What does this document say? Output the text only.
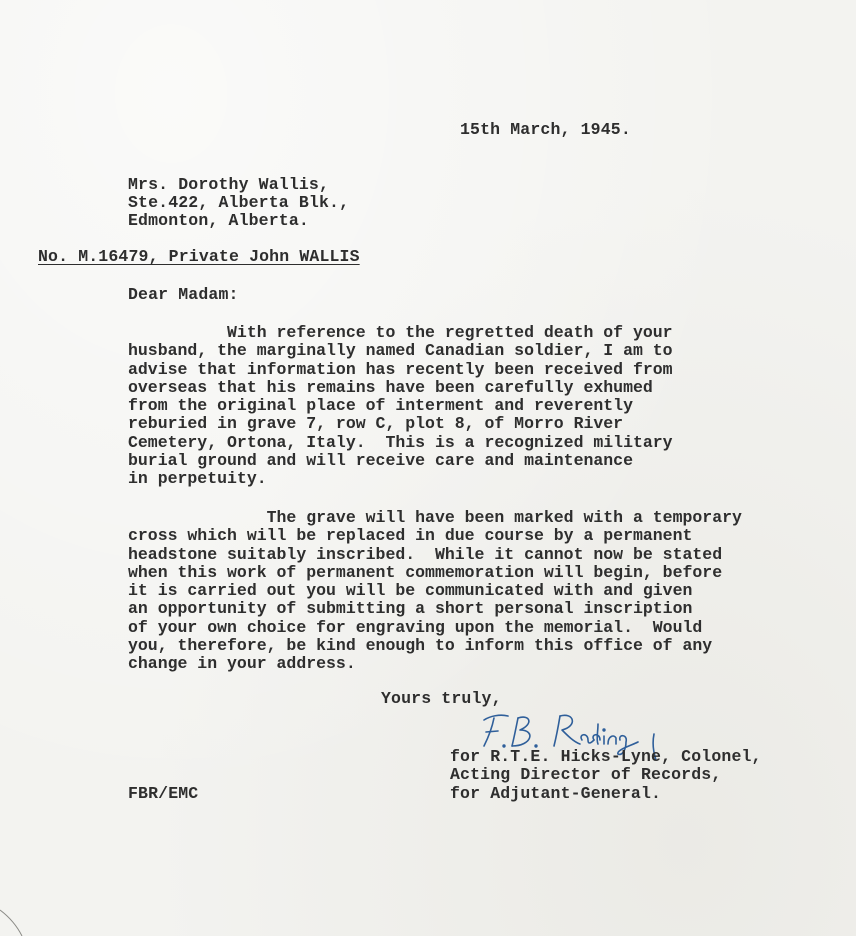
15th March, 1945.
Mrs. Dorothy Wallis,
Ste.422, Alberta Blk.,
Edmonton, Alberta.
No. M.16479, Private John WALLIS
Dear Madam:
With reference to the regretted death of your
husband, the marginally named Canadian soldier, I am to
advise that information has recently been received from
overseas that his remains have been carefully exhumed
from the original place of interment and reverently
reburied in grave 7, row C, plot 8, of Morro River
Cemetery, Ortona, Italy.  This is a recognized military
burial ground and will receive care and maintenance
in perpetuity.
The grave will have been marked with a temporary
cross which will be replaced in due course by a permanent
headstone suitably inscribed.  While it cannot now be stated
when this work of permanent commemoration will begin, before
it is carried out you will be communicated with and given
an opportunity of submitting a short personal inscription
of your own choice for engraving upon the memorial.  Would
you, therefore, be kind enough to inform this office of any
change in your address.
Yours truly,
for R.T.E. Hicks-Lyne, Colonel,
Acting Director of Records,
for Adjutant-General.
FBR/EMC
